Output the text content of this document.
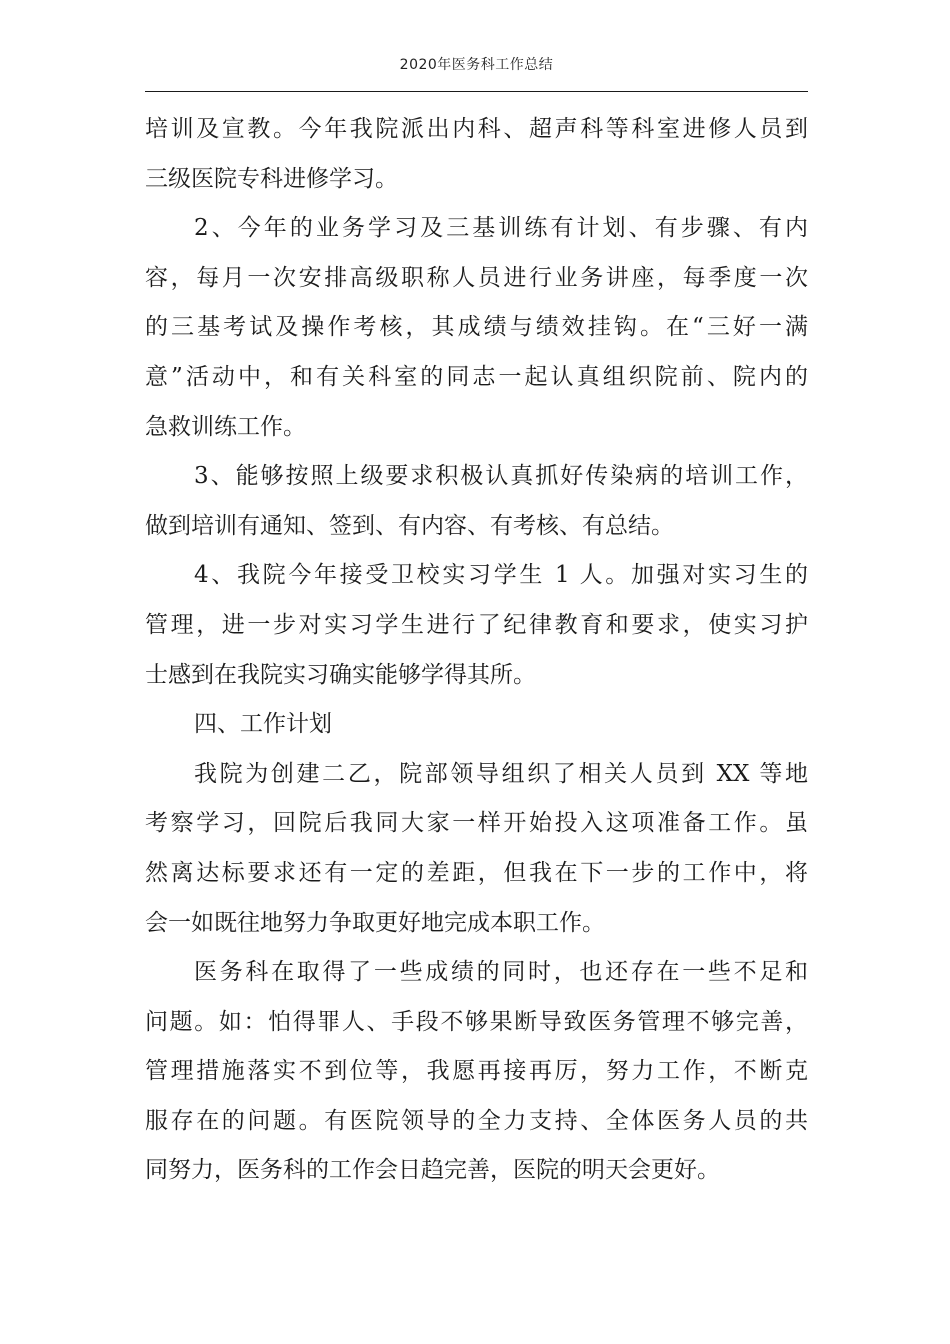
2020年医务科工作总结
培训及宣教。今年我院派出内科、超声科等科室进修人员到
三级医院专科进修学习。
2、今年的业务学习及三基训练有计划、有步骤、有内
容，每月一次安排高级职称人员进行业务讲座，每季度一次
的三基考试及操作考核，其成绩与绩效挂钩。在“三好一满
意”活动中，和有关科室的同志一起认真组织院前、院内的
急救训练工作。
3、能够按照上级要求积极认真抓好传染病的培训工作，
做到培训有通知、签到、有内容、有考核、有总结。
4、我院今年接受卫校实习学生 1 人。加强对实习生的
管理，进一步对实习学生进行了纪律教育和要求，使实习护
士感到在我院实习确实能够学得其所。
四、工作计划
我院为创建二乙，院部领导组织了相关人员到 XX 等地
考察学习，回院后我同大家一样开始投入这项准备工作。虽
然离达标要求还有一定的差距，但我在下一步的工作中，将
会一如既往地努力争取更好地完成本职工作。
医务科在取得了一些成绩的同时，也还存在一些不足和
问题。如：怕得罪人、手段不够果断导致医务管理不够完善，
管理措施落实不到位等，我愿再接再厉，努力工作，不断克
服存在的问题。有医院领导的全力支持、全体医务人员的共
同努力，医务科的工作会日趋完善，医院的明天会更好。
